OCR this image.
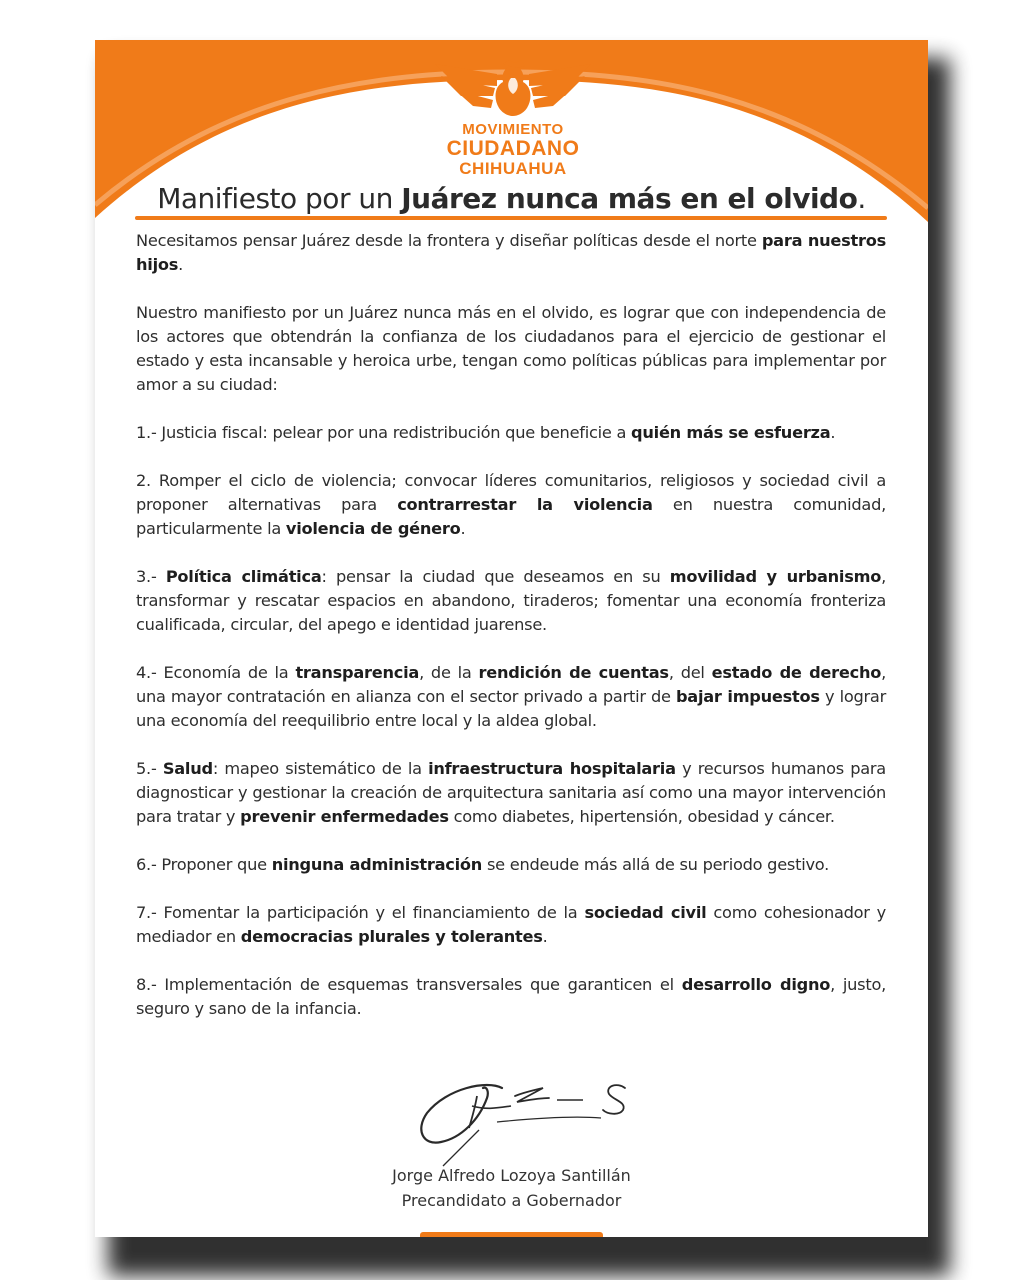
MOVIMIENTO
CIUDADANO
CHIHUAHUA
Manifiesto por un Juárez nunca más en el olvido.

Necesitamos pensar Juárez desde la frontera y diseñar políticas desde el norte para nuestros hijos.

Nuestro manifiesto por un Juárez nunca más en el olvido, es lograr que con independencia de los actores que obtendrán la confianza de los ciudadanos para el ejercicio de gestionar el estado y esta incansable y heroica urbe, tengan como políticas públicas para implementar por amor a su ciudad:

1.- Justicia fiscal: pelear por una redistribución que beneficie a quién más se esfuerza.

2. Romper el ciclo de violencia; convocar líderes comunitarios, religiosos y sociedad civil a proponer alternativas para contrarrestar la violencia en nuestra comunidad, particularmente la violencia de género.

3.- Política climática: pensar la ciudad que deseamos en su movilidad y urbanismo, transformar y rescatar espacios en abandono, tiraderos; fomentar una economía fronteriza cualificada, circular, del apego e identidad juarense.

4.- Economía de la transparencia, de la rendición de cuentas, del estado de derecho, una mayor contratación en alianza con el sector privado a partir de bajar impuestos y lograr una economía del reequilibrio entre local y la aldea global.

5.- Salud: mapeo sistemático de la infraestructura hospitalaria y recursos humanos para diagnosticar y gestionar la creación de arquitectura sanitaria así como una mayor intervención para tratar y prevenir enfermedades como diabetes, hipertensión, obesidad y cáncer.

6.- Proponer que ninguna administración se endeude más allá de su periodo gestivo.

7.- Fomentar la participación y el financiamiento de la sociedad civil como cohesionador y mediador en democracias plurales y tolerantes.

8.- Implementación de esquemas transversales que garanticen el desarrollo digno, justo, seguro y sano de la infancia.

Jorge Alfredo Lozoya Santillán
Precandidato a Gobernador
